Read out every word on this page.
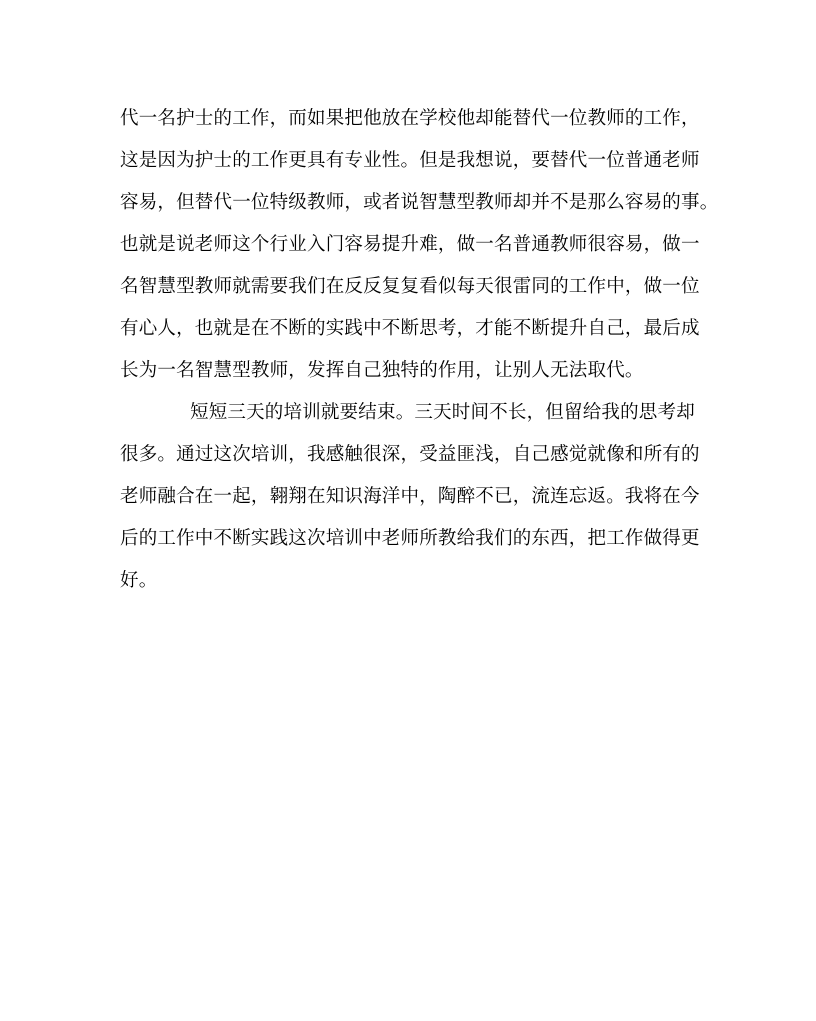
代一名护士的工作，而如果把他放在学校他却能替代一位教师的工作，
这是因为护士的工作更具有专业性。但是我想说，要替代一位普通老师
容易，但替代一位特级教师，或者说智慧型教师却并不是那么容易的事。
也就是说老师这个行业入门容易提升难，做一名普通教师很容易，做一
名智慧型教师就需要我们在反反复复看似每天很雷同的工作中，做一位
有心人，也就是在不断的实践中不断思考，才能不断提升自己，最后成
长为一名智慧型教师，发挥自己独特的作用，让别人无法取代。
短短三天的培训就要结束。三天时间不长，但留给我的思考却
很多。通过这次培训，我感触很深，受益匪浅，自己感觉就像和所有的
老师融合在一起，翱翔在知识海洋中，陶醉不已，流连忘返。我将在今
后的工作中不断实践这次培训中老师所教给我们的东西，把工作做得更
好。
